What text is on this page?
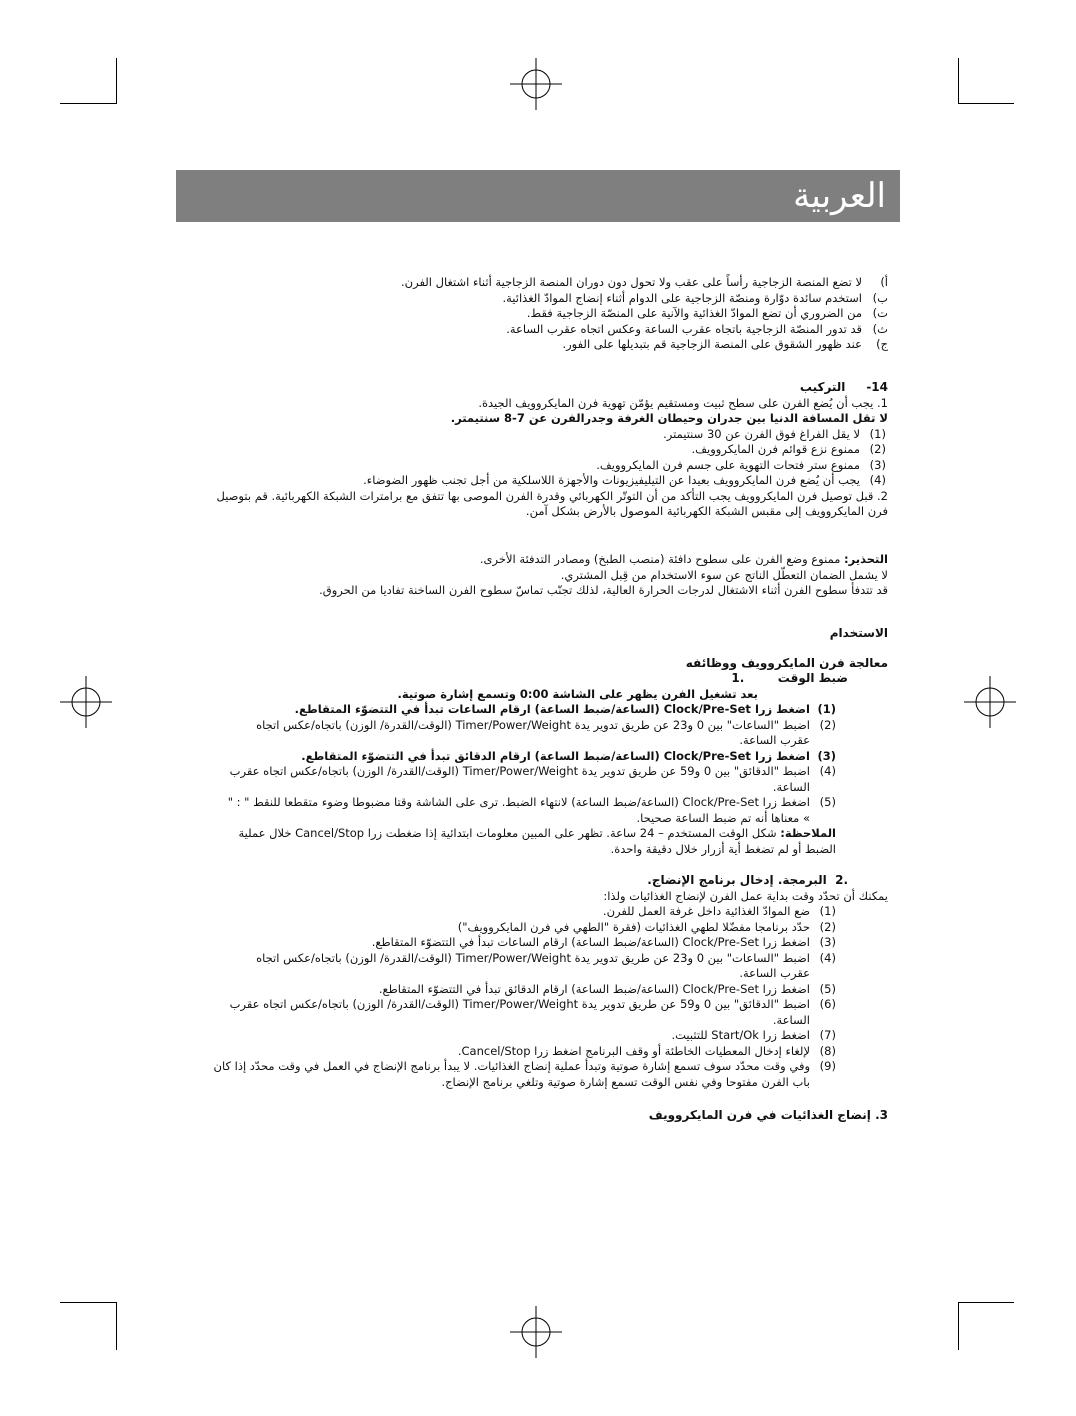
العربية
أ)لا تضع المنصة الزجاجية رأساً على عقب ولا تحول دون دوران المنصة الزجاجية أثناء اشتغال الفرن.
ب)استخدم سائدة دوّارة ومنصّة الزجاجية على الدوام أثناء إنضاج الموادّ الغذائية.
ت)من الضروري أن تضع الموادّ الغذائية والآنية على المنصّة الزجاجية فقط.
ث)قد تدور المنصّة الزجاجية باتجاه عقرب الساعة وعكس اتجاه عقرب الساعة.
ج)عند ظهور الشقوق على المنصة الزجاجية قم بتبديلها على الفور.
14-     التركيب
1. يجب أن يُضع الفرن على سطح ثبيت ومستقيم يؤمّن تهوية فرن المايكروويف الجيدة.
لا تقل المسافة الدنيا بين جدران وحيطان الغرفة وجدرالفرن عن 7-8 سنتيمتر.
(1)لا يقل الفراغ فوق الفرن عن 30 سنتيمتر.
(2)ممنوع نزع قوائم فرن المايكروويف.
(3)ممنوع ستر فتحات التهوية على جسم فرن المايكروويف.
(4)يجب أن يُضع فرن المايكروويف بعيدا عن التيليفيزيونات والأجهزة اللاسلكية من أجل تجنب ظهور الضوضاء.
2. قبل توصيل فرن المايكروويف يجب التأكد من أن التوتّر الكهربائي وقدرة الفرن الموصى بها تتفق مع برامترات الشبكة الكهربائية. قم بتوصيل
فرن المايكروويف إلى مقبس الشبكة الكهربائية الموصول بالأرض بشكل آمن.
التحذير: ممنوع وضع الفرن على سطوح دافئة (منصب الطبخ) ومصادر التدفئة الأخرى.
لا يشمل الضمان التعطّل الناتج عن سوء الاستخدام من قِبل المشتري.
قد تتدفأ سطوح الفرن أثناء الاشتغال لدرجات الحرارة العالية، لذلك تجنّب تماسّ سطوح الفرن الساخنة تفاديا من الحروق.
الاستخدام
معالجة فرن المايكروويف ووظائفه
ضبط الوقت        .1
بعد تشغيل الفرن يظهر على الشاشة 0:00 وتسمع إشارة صوتية.
(1)اضغط زرا Clock/Pre-Set (الساعة/ضبط الساعة) ارقام الساعات تبدأ في التتضوّء المتقاطع.
(2)اضبط "الساعات" بين 0 و23 عن طريق تدوير يدة Timer/Power/Weight (الوقت/القدرة/ الوزن) باتجاه/عكس اتجاه
عقرب الساعة.
(3)اضغط زرا Clock/Pre-Set (الساعة/ضبط الساعة) ارقام الدقائق تبدأ في التتضوّء المتقاطع.
(4)اضبط "الدقائق" بين 0 و59 عن طريق تدوير يدة Timer/Power/Weight (الوقت/القدرة/ الوزن) باتجاه/عكس اتجاه عقرب
الساعة.
(5)اضغط زرا Clock/Pre-Set (الساعة/ضبط الساعة) لانتهاء الضبط. ترى على الشاشة وقتا مضبوطا وضوء متقطعا للنقط " : "
» معناها أنه تم ضبط الساعة صحيحا.
الملاحظة: شكل الوقت المستخدم – 24 ساعة. تظهر على المبين معلومات ابتدائية إذا ضغطت زرا Cancel/Stop خلال عملية
الضبط أو لم تضغط أية أزرار خلال دقيقة واحدة.
.2  البرمجة. إدخال برنامج الإنضاج.
يمكنك أن تحدّد وقت بداية عمل الفرن لإنضاج الغذائيات ولذا:
(1)ضع الموادّ الغذائية داخل غرفة العمل للفرن.
(2)حدّد برنامجا مفضّلا لطهي الغذائيات (فقرة "الطهي في فرن المايكروويف")
(3)اضغط زرا Clock/Pre-Set (الساعة/ضبط الساعة) ارقام الساعات تبدأ في التتضوّء المتقاطع.
(4)اضبط "الساعات" بين 0 و23 عن طريق تدوير يدة Timer/Power/Weight (الوقت/القدرة/ الوزن) باتجاه/عكس اتجاه
عقرب الساعة.
(5)اضغط زرا Clock/Pre-Set (الساعة/ضبط الساعة) ارقام الدقائق تبدأ في التتضوّء المتقاطع.
(6)اضبط "الدقائق" بين 0 و59 عن طريق تدوير يدة Timer/Power/Weight (الوقت/القدرة/ الوزن) باتجاه/عكس اتجاه عقرب
الساعة.
(7)اضغط زرا Start/Ok للتثبيت.
(8)لإلغاء إدخال المعطيات الخاطئة أو وقف البرنامج اضغط زرا Cancel/Stop.
(9)وفي وقت محدّد سوف تسمع إشارة صوتية وتبدأ عملية إنضاج الغذائيات. لا يبدأ برنامج الإنضاج في العمل في وقت محدّد إذا كان
باب الفرن مفتوحا وفي نفس الوقت تسمع إشارة صوتية وتلغي برنامج الإنضاج.
3. إنضاج الغذائيات في فرن المايكروويف
